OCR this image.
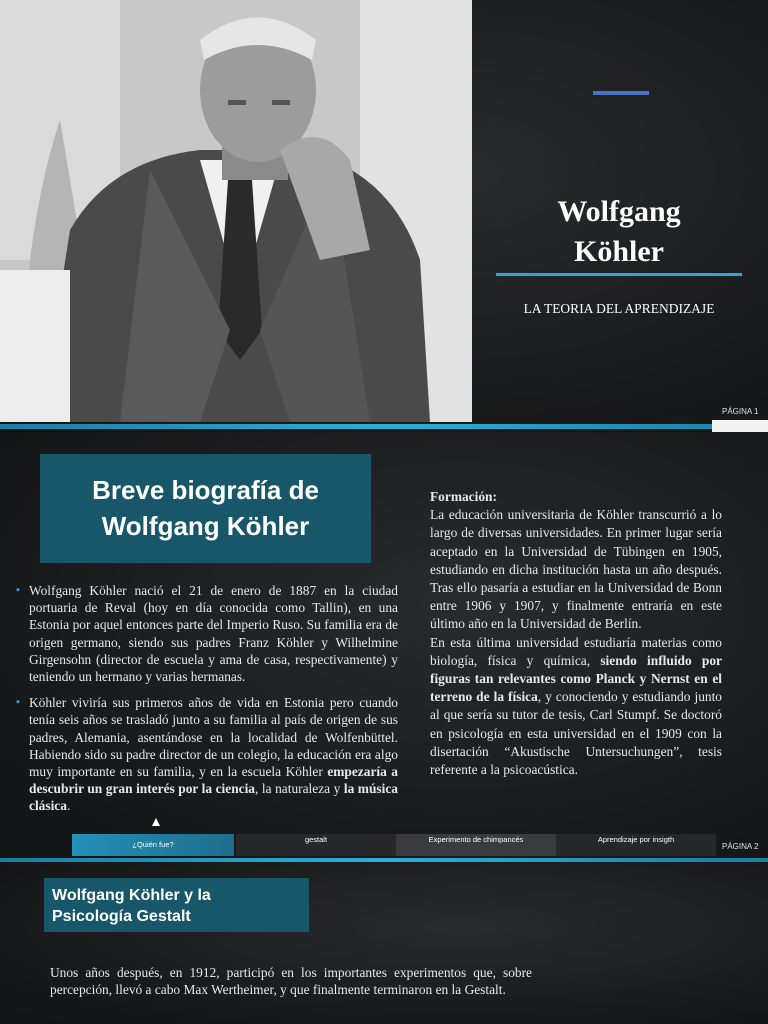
Wolfgang
Köhler
LA TEORIA DEL APRENDIZAJE
PÁGINA 1
Breve biografía de
Wolfgang Köhler
▪ Wolfgang Köhler nació el 21 de enero de 1887 en la ciudad portuaria de Reval (hoy en día conocida como Tallin), en una Estonia por aquel entonces parte del Imperio Ruso. Su familia era de origen germano, siendo sus padres Franz Köhler y Wilhelmine Girgensohn (director de escuela y ama de casa, respectivamente) y teniendo un hermano y varias hermanas.
▪ Köhler viviría sus primeros años de vida en Estonia pero cuando tenía seis años se trasladó junto a su familia al país de origen de sus padres, Alemania, asentándose en la localidad de Wolfenbüttel. Habiendo sido su padre director de un colegio, la educación era algo muy importante en su familia, y en la escuela Köhler empezaría a descubrir un gran interés por la ciencia, la naturaleza y la música clásica.
Formación:

La educación universitaria de Köhler transcurrió a lo largo de diversas universidades. En primer lugar sería aceptado en la Universidad de Tübingen en 1905, estudiando en dicha institución hasta un año después. Tras ello pasaría a estudiar en la Universidad de Bonn entre 1906 y 1907, y finalmente entraría en este último año en la Universidad de Berlín.

En esta última universidad estudiaría materias como biología, física y química, siendo influido por figuras tan relevantes como Planck y Nernst en el terreno de la física, y conociendo y estudiando junto al que sería su tutor de tesis, Carl Stumpf. Se doctoró en psicología en esta universidad en el 1909 con la disertación “Akustische Untersuchungen”, tesis referente a la psicoacústica.

PÁGINA 2
¿Quién fue?
gestalt	Experimento de chimpancés	Aprendizaje por insigth
Wolfgang Köhler y la
Psicología Gestalt

Unos años después, en 1912, participó en los importantes experimentos que, sobre percepción, llevó a cabo Max Wertheimer, y que finalmente terminaron en la Gestalt.
